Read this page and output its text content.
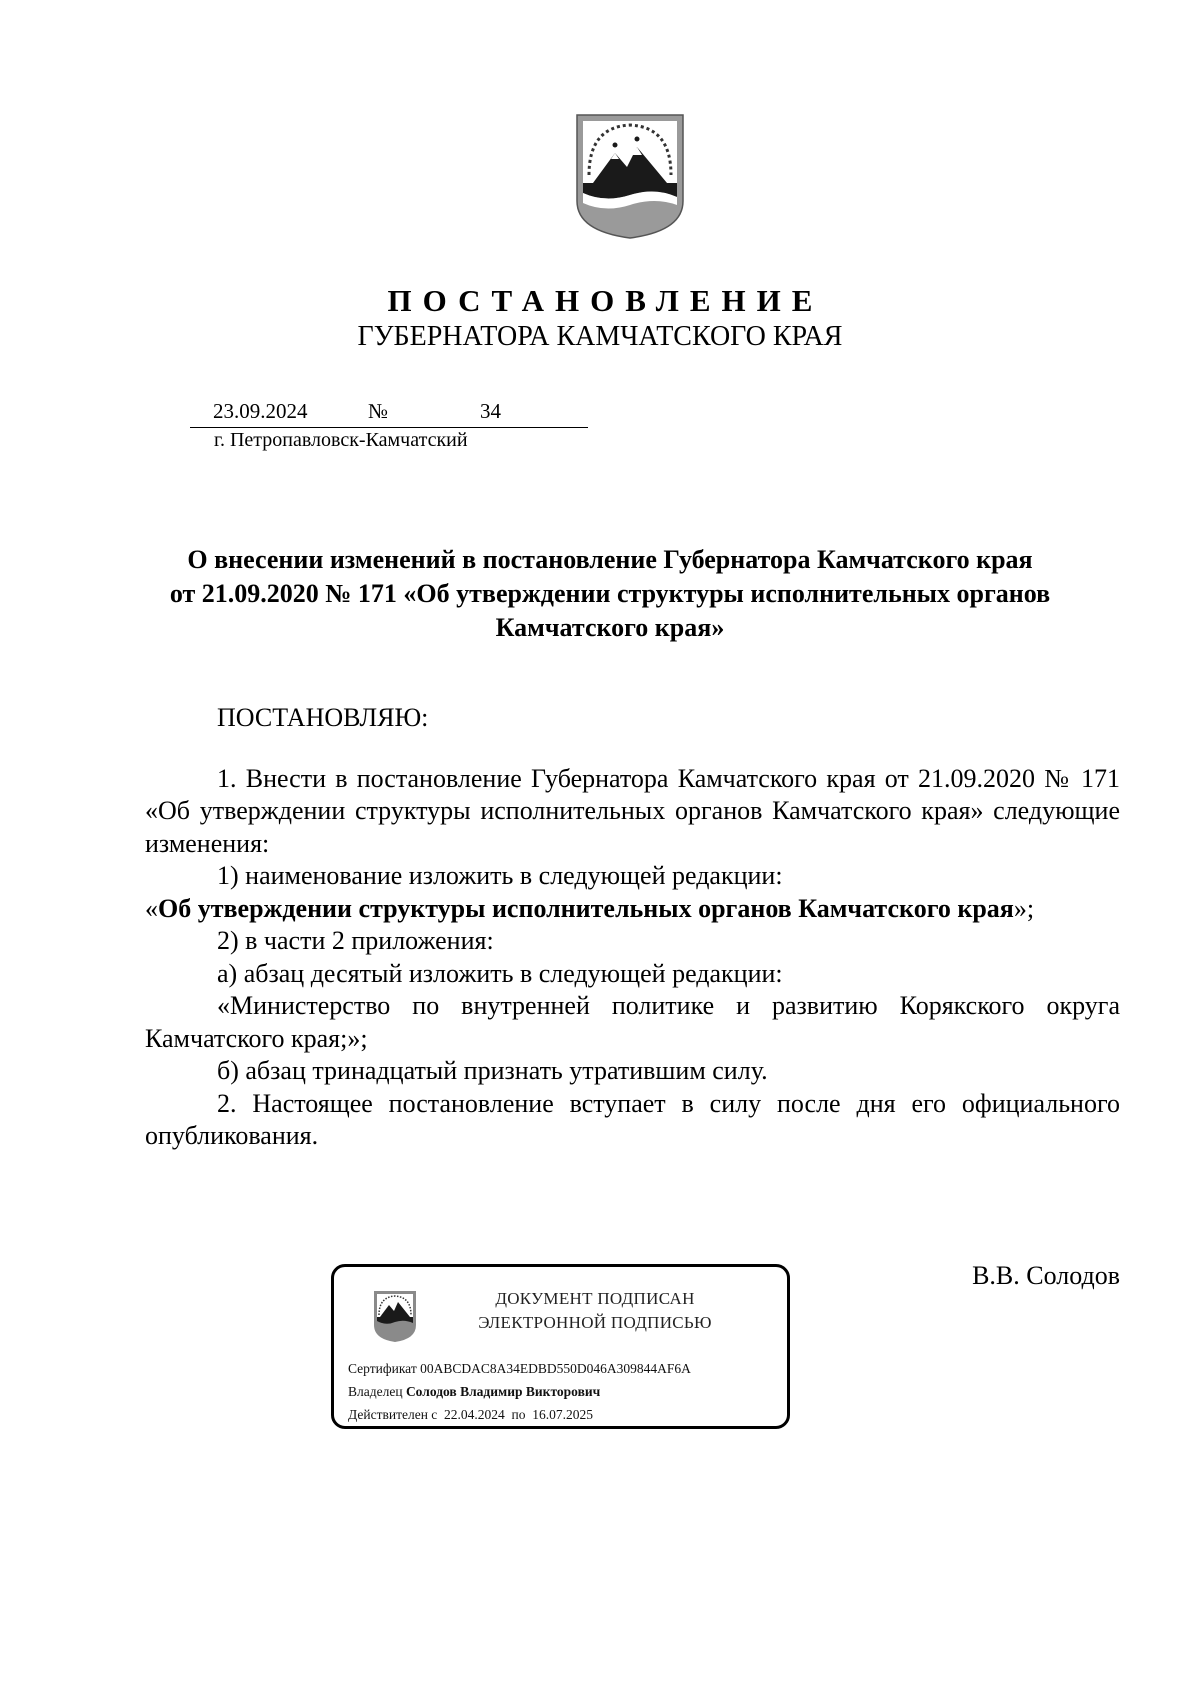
ПОСТАНОВЛЕНИЕ
ГУБЕРНАТОРА КАМЧАТСКОГО КРАЯ
23.09.2024	№	34
г. Петропавловск-Камчатский
О внесении изменений в постановление Губернатора Камчатского края
от 21.09.2020 № 171 «Об утверждении структуры исполнительных органов
Камчатского края»

ПОСТАНОВЛЯЮ:

1. Внести в постановление Губернатора Камчатского края от 21.09.2020 № 171 «Об утверждении структуры исполнительных органов Камчатского края» следующие изменения:

1) наименование изложить в следующей редакции:

«Об утверждении структуры исполнительных органов Камчатского края»;

2) в части 2 приложения:

а) абзац десятый изложить в следующей редакции:

«Министерство по внутренней политике и развитию Корякского округа Камчатского края;»;

б) абзац тринадцатый признать утратившим силу.

2. Настоящее постановление вступает в силу после дня его официального опубликования.

В.В. Солодов
ДОКУМЕНТ ПОДПИСАН
ЭЛЕКТРОННОЙ ПОДПИСЬЮ
Сертификат 00ABCDAC8A34EDBD550D046A309844AF6A
Владелец Солодов Владимир Викторович
Действителен с 22.04.2024 по 16.07.2025
